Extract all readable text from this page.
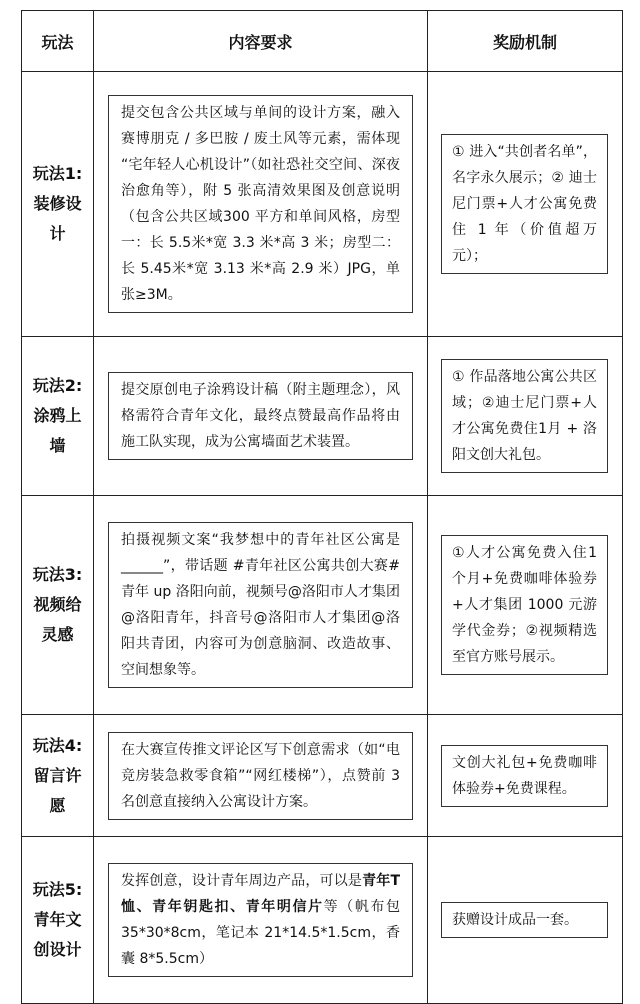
玩法	内容要求	奖励机制
玩法1:装修设计	提交包含公共区域与单间的设计方案，融入赛博朋克 / 多巴胺 / 废土风等元素，需体现 “宅年轻人心机设计”（如社恐社交空间、深夜治愈角等），附 5 张高清效果图及创意说明（包含公共区域300 平方和单间风格，房型一：长 5.5米*宽 3.3 米*高 3 米；房型二：长 5.45米*宽 3.13 米*高 2.9 米）JPG，单张≥3M。	① 进入“共创者名单”，名字永久展示；② 迪士尼门票+人才公寓免费住 1 年（价值超万元）；

玩法2:涂鸦上墙	提交原创电子涂鸦设计稿（附主题理念），风格需符合青年文化，最终点赞最高作品将由施工队实现，成为公寓墙面艺术装置。	① 作品落地公寓公共区域；②迪士尼门票+人才公寓免费住1月 + 洛阳文创大礼包。

玩法3:视频给灵感	拍摄视频文案“我梦想中的青年社区公寓是______”，带话题 #青年社区公寓共创大赛#青年 up 洛阳向前，视频号@洛阳市人才集团@洛阳青年，抖音号@洛阳市人才集团@洛阳共青团，内容可为创意脑洞、改造故事、空间想象等。	①人才公寓免费入住1 个月+免费咖啡体验券+人才集团 1000 元游学代金券；②视频精选至官方账号展示。

玩法4:留言许愿	在大赛宣传推文评论区写下创意需求（如“电竞房装急救零食箱”“网红楼梯”），点赞前 3 名创意直接纳入公寓设计方案。	文创大礼包+免费咖啡体验券+免费课程。

玩法5:青年文创设计	发挥创意，设计青年周边产品，可以是青年T恤、青年钥匙扣、青年明信片等（帆布包 35*30*8cm，笔记本 21*14.5*1.5cm，香囊 8*5.5cm）	获赠设计成品一套。
